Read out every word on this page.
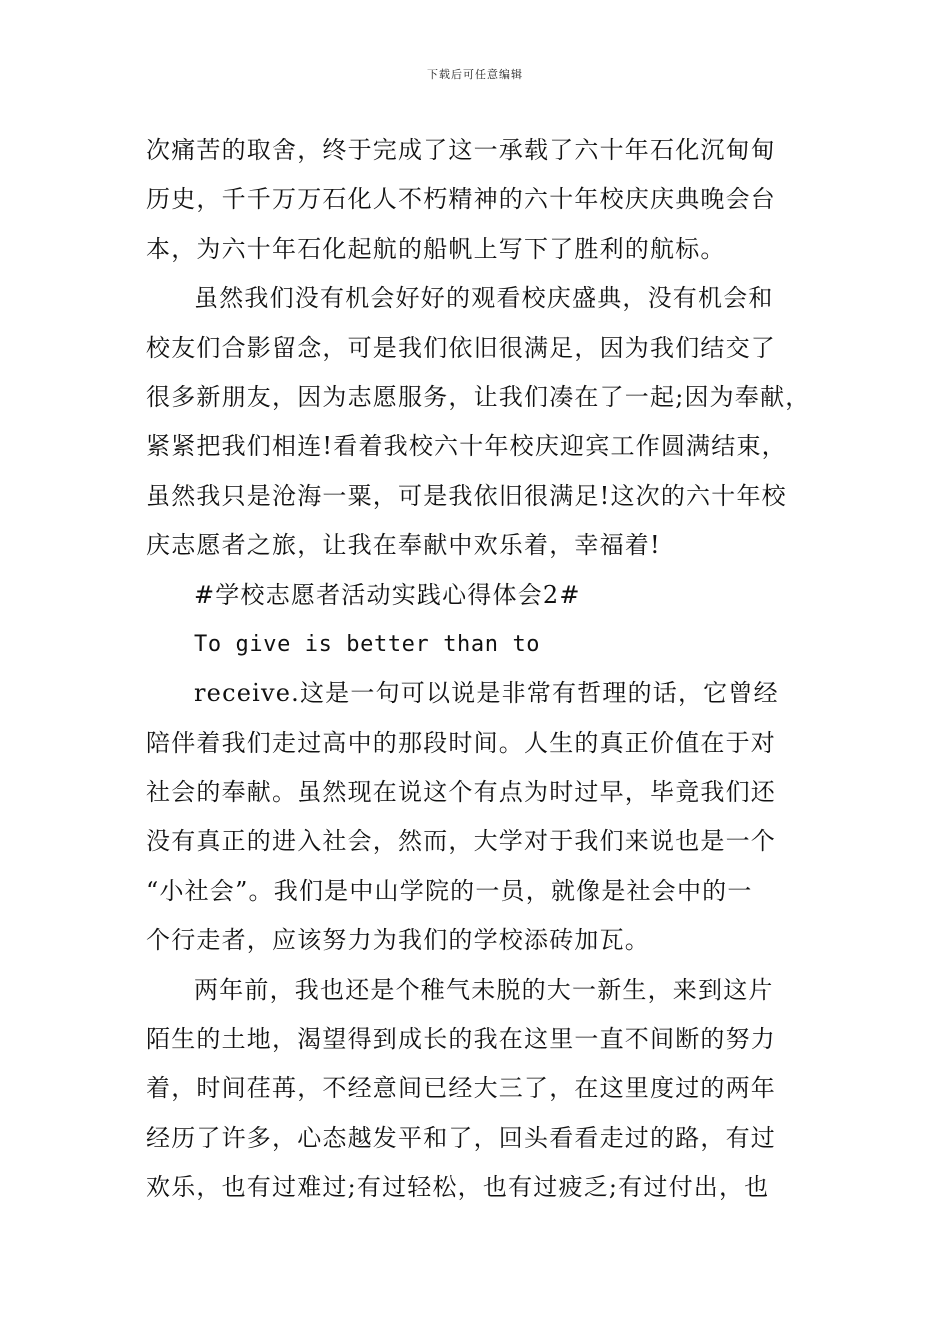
下载后可任意编辑
次痛苦的取舍，终于完成了这一承载了六十年石化沉甸甸
历史，千千万万石化人不朽精神的六十年校庆庆典晚会台
本，为六十年石化起航的船帆上写下了胜利的航标。
虽然我们没有机会好好的观看校庆盛典，没有机会和
校友们合影留念，可是我们依旧很满足，因为我们结交了
很多新朋友，因为志愿服务，让我们凑在了一起;因为奉献，
紧紧把我们相连!看着我校六十年校庆迎宾工作圆满结束，
虽然我只是沧海一粟，可是我依旧很满足!这次的六十年校
庆志愿者之旅，让我在奉献中欢乐着，幸福着!
#学校志愿者活动实践心得体会2#
To give is better than to
receive.这是一句可以说是非常有哲理的话，它曾经
陪伴着我们走过高中的那段时间。人生的真正价值在于对
社会的奉献。虽然现在说这个有点为时过早，毕竟我们还
没有真正的进入社会，然而，大学对于我们来说也是一个
“小社会”。我们是中山学院的一员，就像是社会中的一
个行走者，应该努力为我们的学校添砖加瓦。
两年前，我也还是个稚气未脱的大一新生，来到这片
陌生的土地，渴望得到成长的我在这里一直不间断的努力
着，时间荏苒，不经意间已经大三了，在这里度过的两年
经历了许多，心态越发平和了，回头看看走过的路，有过
欢乐，也有过难过;有过轻松，也有过疲乏;有过付出，也
